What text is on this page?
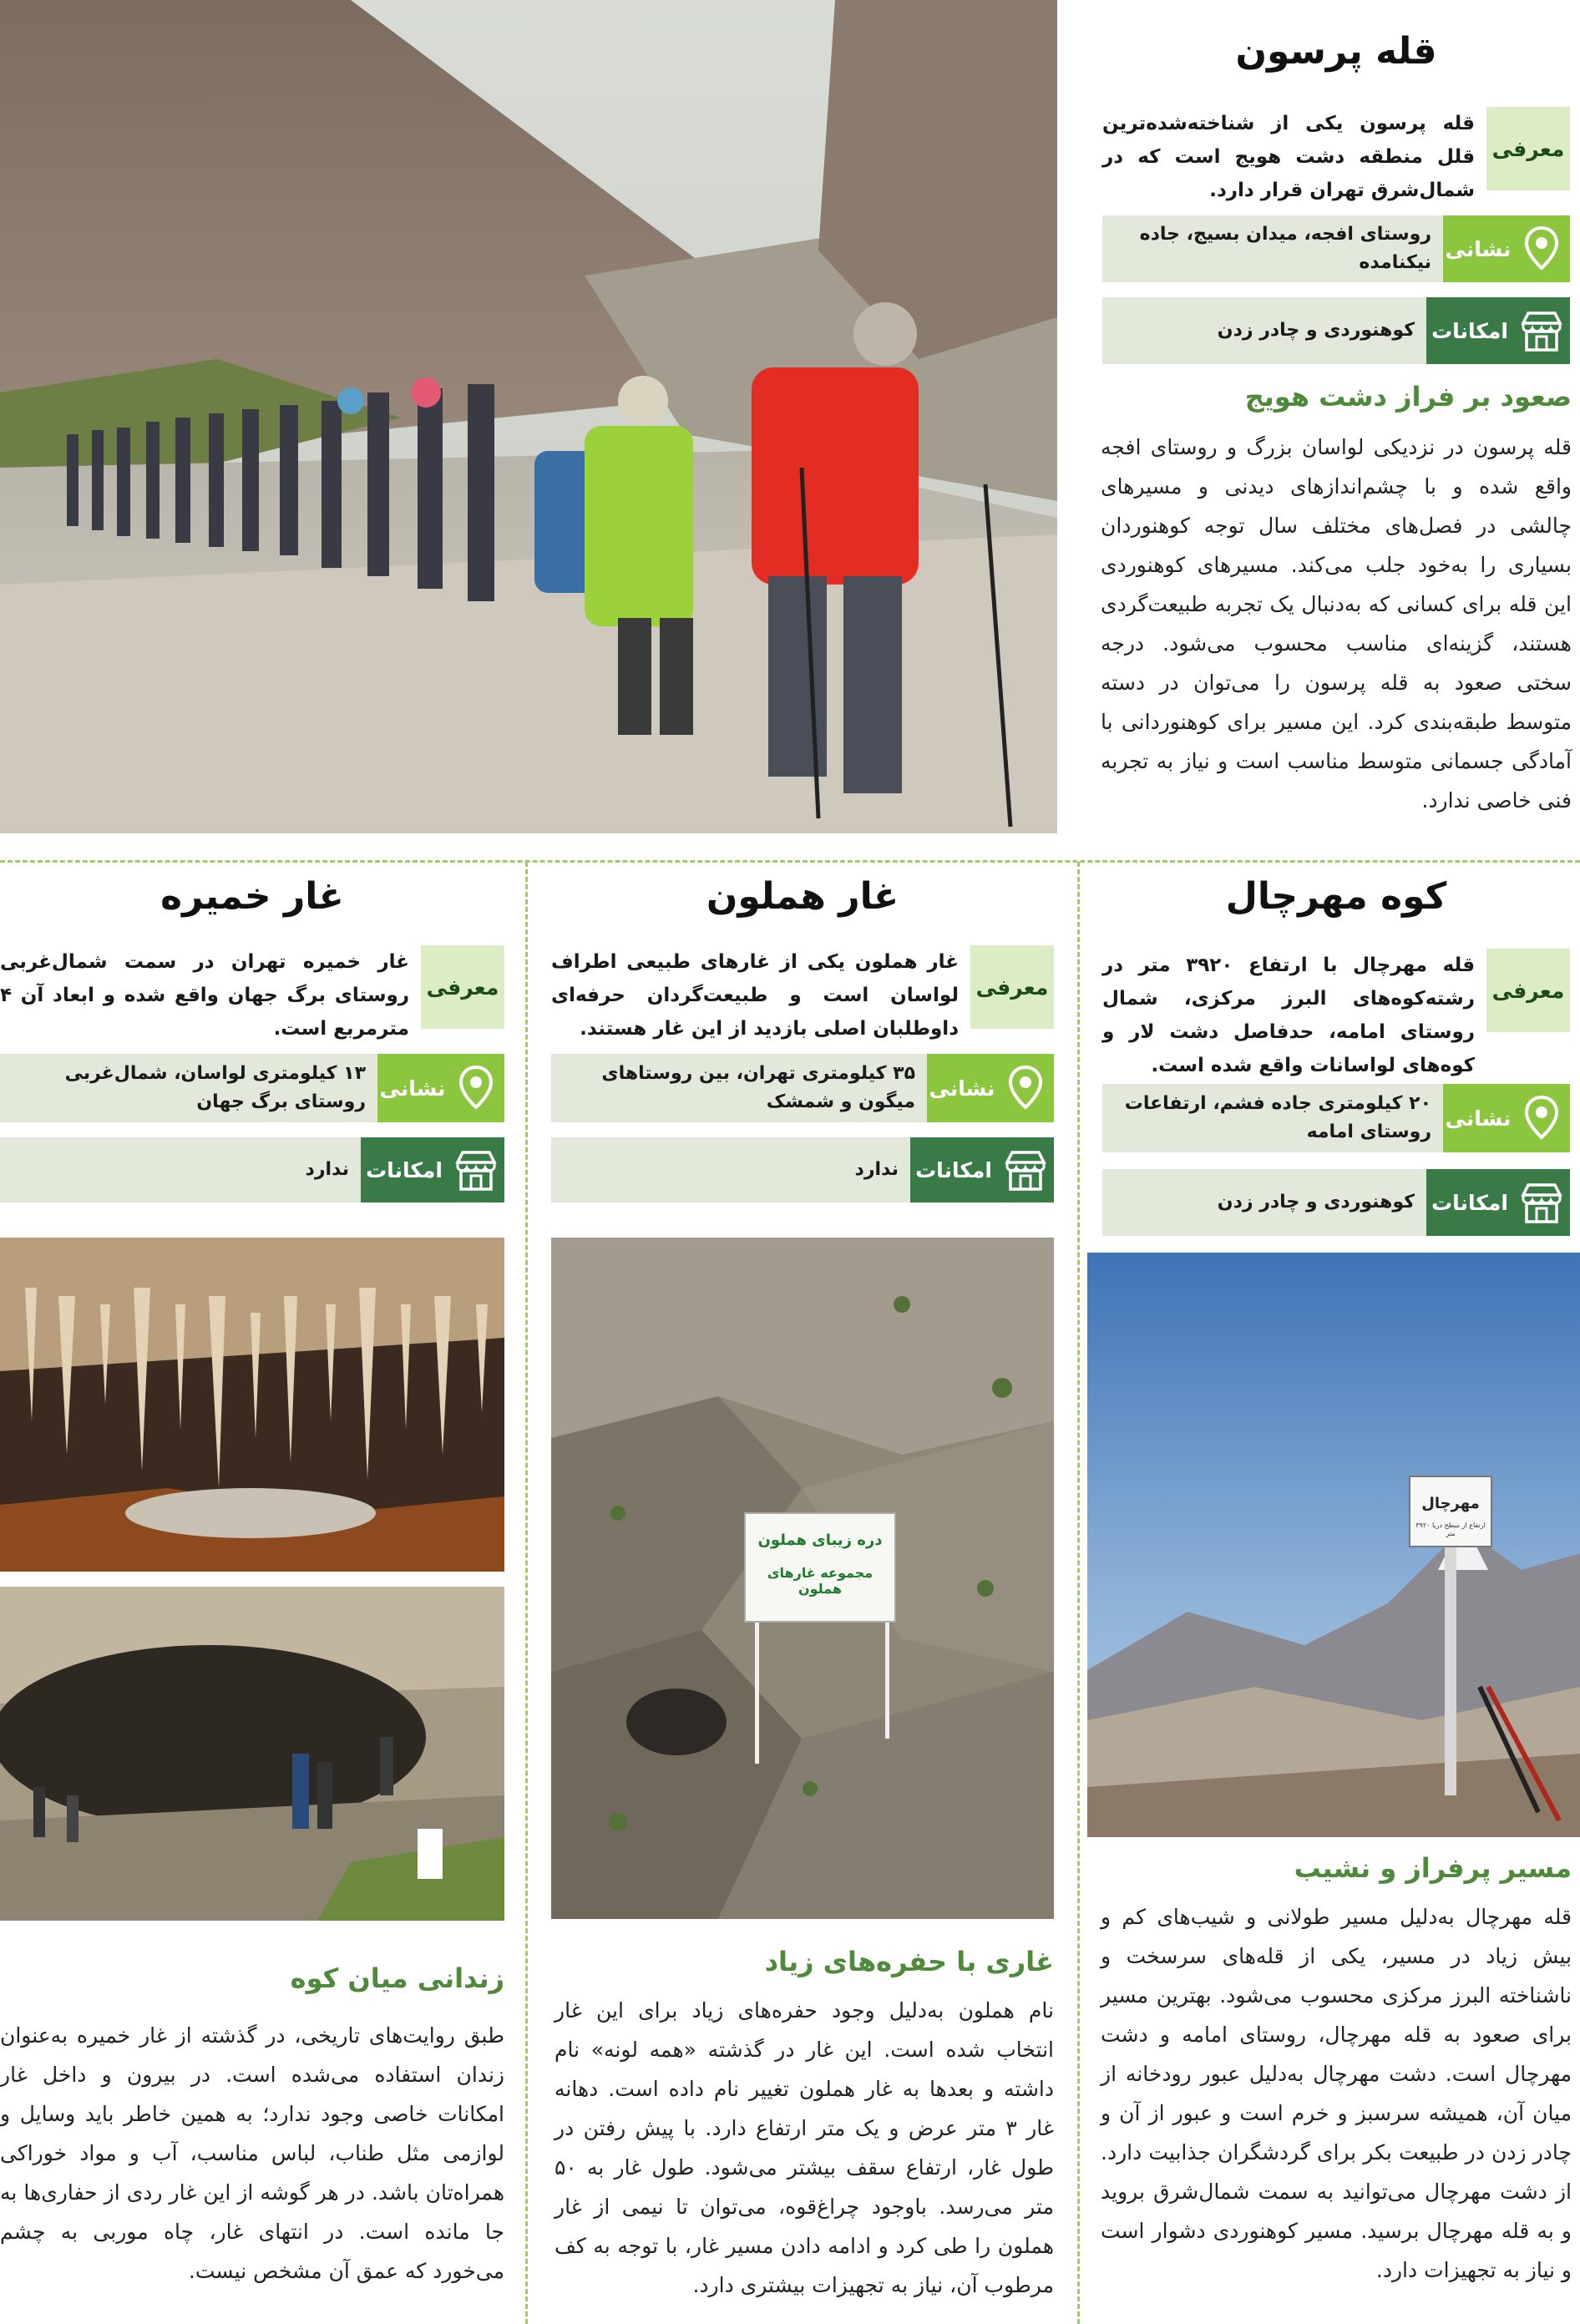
قله پرسون
معرفی
قله پرسون یکی از شناخته‌شده‌ترین قلل منطقه دشت هویج است که در شمال‌شرق تهران قرار دارد.
نشانی
روستای افجه، میدان بسیج، جاده نیکنامده
امکانات
کوهنوردی و چادر زدن
صعود بر فراز دشت هویج
قله پرسون در نزدیکی لواسان بزرگ و روستای افجه واقع شده و با چشم‌اندازهای دیدنی و مسیرهای چالشی در فصل‌های مختلف سال توجه کوهنوردان بسیاری را به‌خود جلب می‌کند. مسیرهای کوهنوردی این قله برای کسانی که به‌دنبال یک تجربه طبیعت‌گردی هستند، گزینه‌ای مناسب محسوب می‌شود. درجه سختی صعود به قله پرسون را می‌توان در دسته متوسط طبقه‌بندی کرد. این مسیر برای کوهنوردانی با آمادگی جسمانی متوسط مناسب است و نیاز به تجربه فنی خاصی ندارد.
کوه مهرچال
معرفی
قله مهرچال با ارتفاع ۳۹۲۰ متر در رشته‌کوه‌های البرز مرکزی، شمال روستای امامه، حدفاصل دشت لار و کوه‌های لواسانات واقع شده است.
نشانی
۲۰ کیلومتری جاده فشم، ارتفاعات روستای امامه
امکانات
کوهنوردی و چادر زدن
مهرچال
ارتفاع از سطح دریا ۳۹۲۰ متر
مسیر پرفراز و نشیب
قله مهرچال به‌دلیل مسیر طولانی و شیب‌های کم و بیش زیاد در مسیر، یکی از قله‌های سرسخت و ناشناخته البرز مرکزی محسوب می‌شود. بهترین مسیر برای صعود به قله مهرچال، روستای امامه و دشت مهرچال است. دشت مهرچال به‌دلیل عبور رودخانه از میان آن، همیشه سرسبز و خرم است و عبور از آن و چادر زدن در طبیعت بکر برای گردشگران جذابیت دارد. از دشت مهرچال می‌توانید به سمت شمال‌شرق بروید و به قله مهرچال برسید. مسیر کوهنوردی دشوار است و نیاز به تجهیزات دارد.
غار هملون
معرفی
غار هملون یکی از غارهای طبیعی اطراف لواسان است و طبیعت‌گردان حرفه‌ای داوطلبان اصلی بازدید از این غار هستند.
نشانی
۳۵ کیلومتری تهران، بین روستاهای میگون و شمشک
امکانات
ندارد
دره زیبای هملون
مجموعه غارهای هملون
غاری با حفره‌های زیاد
نام هملون به‌دلیل وجود حفره‌های زیاد برای این غار انتخاب شده است. این غار در گذشته «همه لونه» نام داشته و بعدها به غار هملون تغییر نام داده است. دهانه غار ۳ متر عرض و یک متر ارتفاع دارد. با پیش رفتن در طول غار، ارتفاع سقف بیشتر می‌شود. طول غار به ۵۰ متر می‌رسد. باوجود چراغ‌قوه، می‌توان تا نیمی از غار هملون را طی کرد و ادامه دادن مسیر غار، با توجه به کف مرطوب آن، نیاز به تجهیزات بیشتری دارد.
غار خمیره
معرفی
غار خمیره تهران در سمت شمال‌غربی روستای برگ جهان واقع شده و ابعاد آن ۴ مترمربع است.
نشانی
۱۳ کیلومتری لواسان، شمال‌غربی روستای برگ جهان
امکانات
ندارد
زندانی میان کوه
طبق روایت‌های تاریخی، در گذشته از غار خمیره به‌عنوان زندان استفاده می‌شده است. در بیرون و داخل غار امکانات خاصی وجود ندارد؛ به همین خاطر باید وسایل و لوازمی مثل طناب، لباس مناسب، آب و مواد خوراکی همراه‌تان باشد. در هر گوشه از این غار ردی از حفاری‌ها به جا مانده است. در انتهای غار، چاه موربی به چشم می‌خورد که عمق آن مشخص نیست.
